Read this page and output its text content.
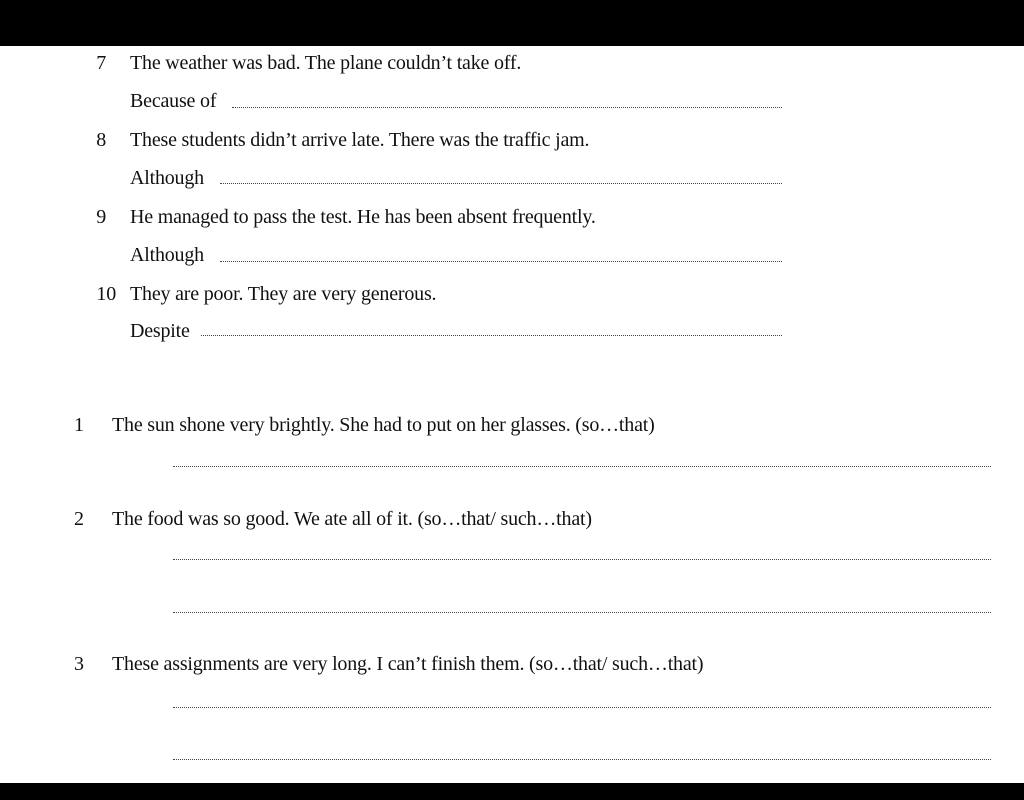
7 The weather was bad. The plane couldn’t take off.
Because of
8 These students didn’t arrive late. There was the traffic jam.
Although
9 He managed to pass the test. He has been absent frequently.
Although
10 They are poor. They are very generous.
Despite
1 The sun shone very brightly. She had to put on her glasses. (so…that)
2 The food was so good. We ate all of it. (so…that/ such…that)
3 These assignments are very long. I can’t finish them. (so…that/ such…that)
